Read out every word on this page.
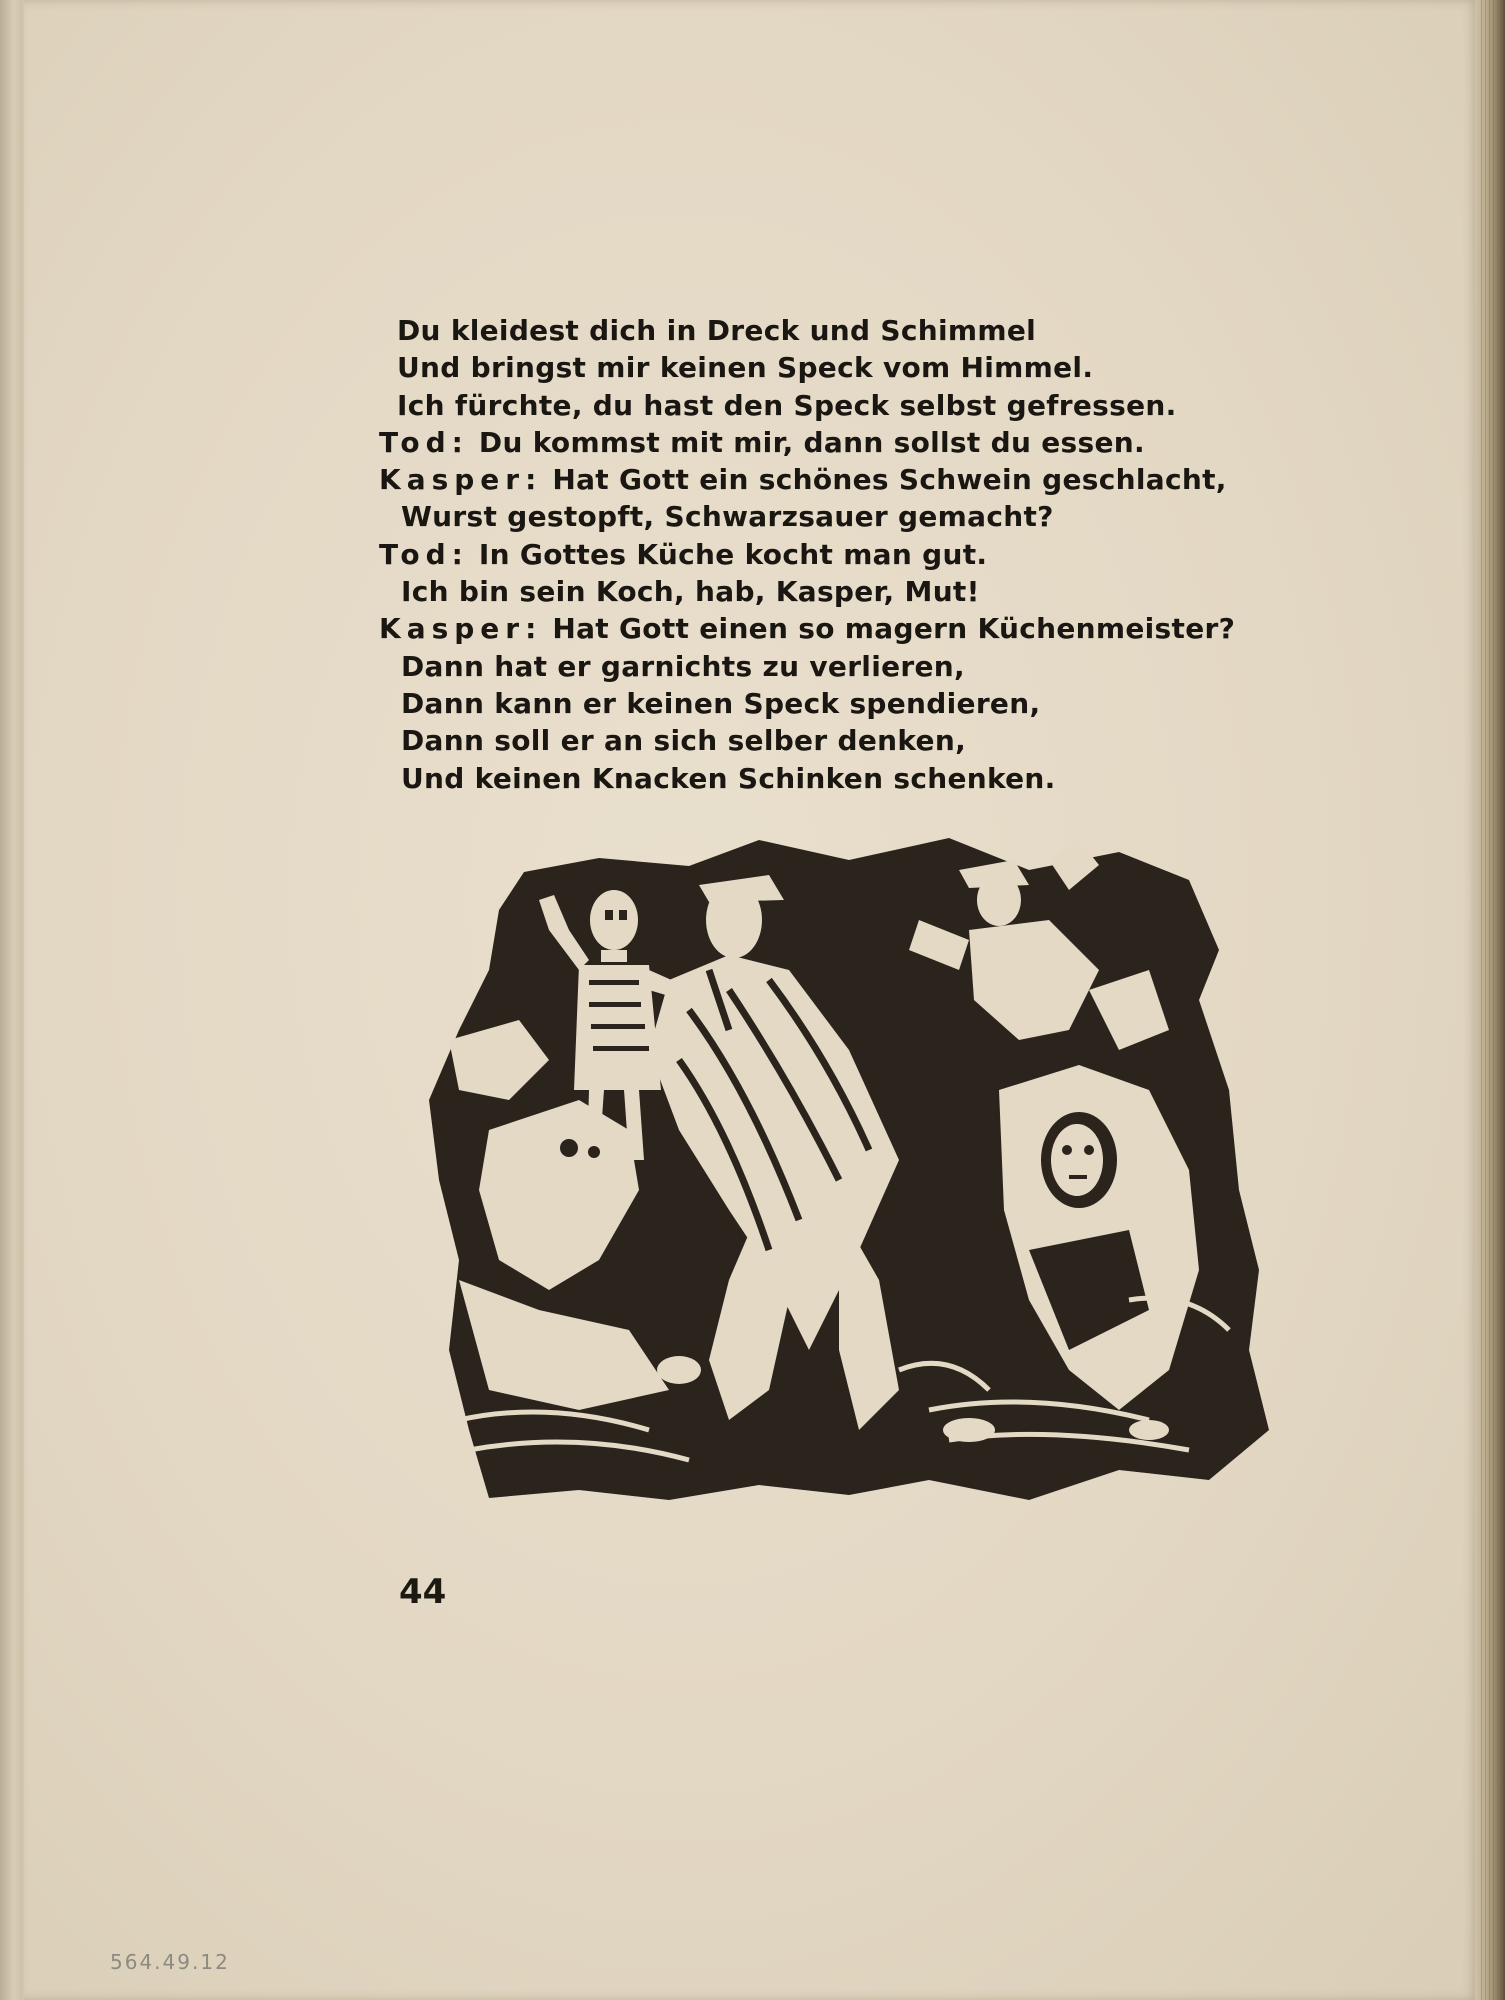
Du kleidest dich in Dreck und Schimmel
Und bringst mir keinen Speck vom Himmel.
Ich fürchte, du hast den Speck selbst gefressen.
Tod: Du kommst mit mir, dann sollst du essen.
Kasper: Hat Gott ein schönes Schwein geschlacht,
Wurst gestopft, Schwarzsauer gemacht?
Tod: In Gottes Küche kocht man gut.
Ich bin sein Koch, hab, Kasper, Mut!
Kasper: Hat Gott einen so magern Küchenmeister?
Dann hat er garnichts zu verlieren,
Dann kann er keinen Speck spendieren,
Dann soll er an sich selber denken,
Und keinen Knacken Schinken schenken.
44
564.49.12
